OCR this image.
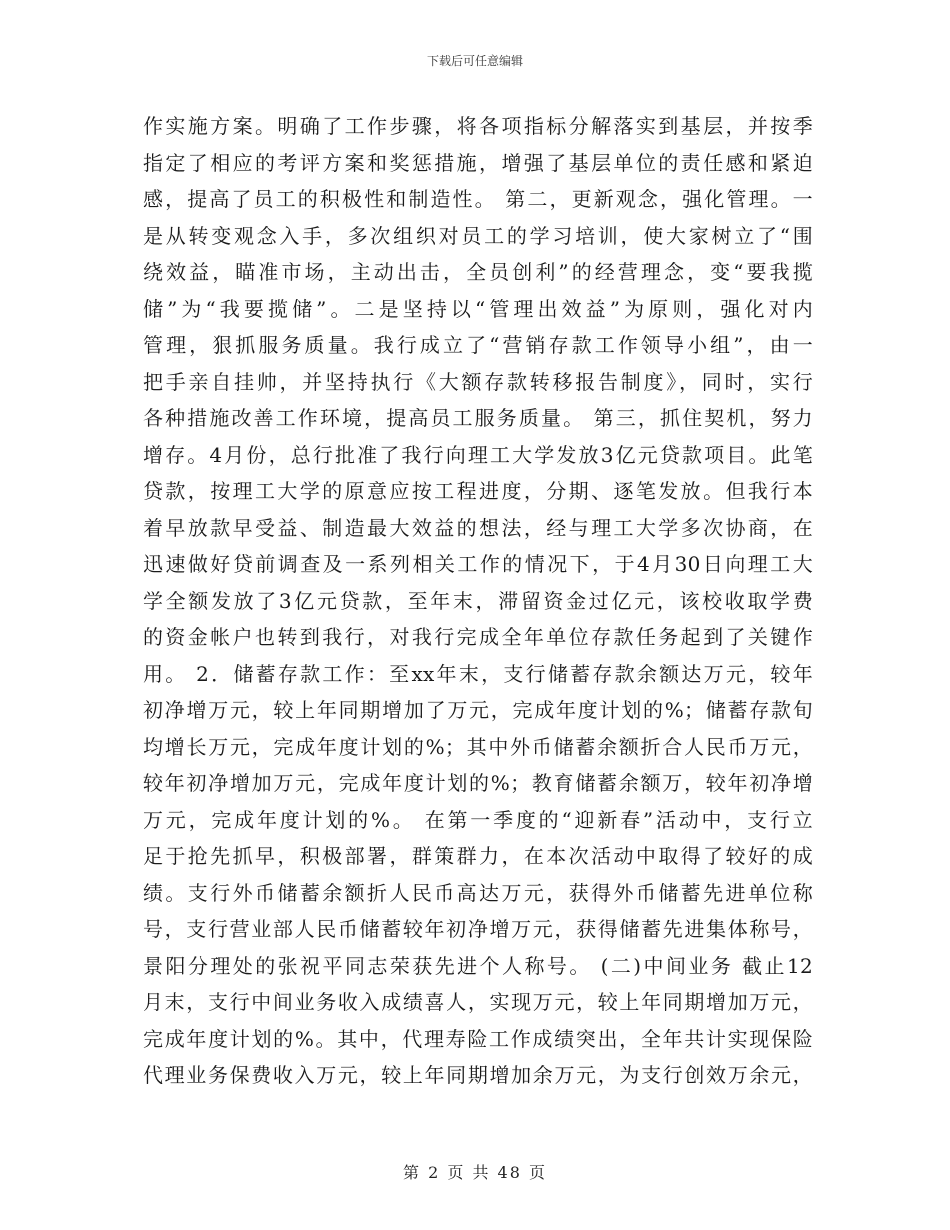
下载后可任意编辑
作实施方案。明确了工作步骤，将各项指标分解落实到基层，并按季
指定了相应的考评方案和奖惩措施，增强了基层单位的责任感和紧迫
感，提高了员工的积极性和制造性。 第二，更新观念，强化管理。一
是从转变观念入手，多次组织对员工的学习培训，使大家树立了“围
绕效益，瞄准市场，主动出击，全员创利”的经营理念，变“要我揽
储”为“我要揽储”。二是坚持以“管理出效益”为原则，强化对内
管理，狠抓服务质量。我行成立了“营销存款工作领导小组”，由一
把手亲自挂帅，并坚持执行《大额存款转移报告制度》，同时，实行
各种措施改善工作环境，提高员工服务质量。 第三，抓住契机，努力
增存。4月份，总行批准了我行向理工大学发放3亿元贷款项目。此笔
贷款，按理工大学的原意应按工程进度，分期、逐笔发放。但我行本
着早放款早受益、制造最大效益的想法，经与理工大学多次协商，在
迅速做好贷前调查及一系列相关工作的情况下，于4月30日向理工大
学全额发放了3亿元贷款，至年末，滞留资金过亿元，该校收取学费
的资金帐户也转到我行，对我行完成全年单位存款任务起到了关键作
用。 2．储蓄存款工作：至xx年末，支行储蓄存款余额达万元，较年
初净增万元，较上年同期增加了万元，完成年度计划的%；储蓄存款旬
均增长万元，完成年度计划的%；其中外币储蓄余额折合人民币万元，
较年初净增加万元，完成年度计划的%；教育储蓄余额万，较年初净增
万元，完成年度计划的%。 在第一季度的“迎新春”活动中，支行立
足于抢先抓早，积极部署，群策群力，在本次活动中取得了较好的成
绩。支行外币储蓄余额折人民币高达万元，获得外币储蓄先进单位称
号，支行营业部人民币储蓄较年初净增万元，获得储蓄先进集体称号，
景阳分理处的张祝平同志荣获先进个人称号。 (二)中间业务 截止12
月末，支行中间业务收入成绩喜人，实现万元，较上年同期增加万元，
完成年度计划的%。其中，代理寿险工作成绩突出，全年共计实现保险
代理业务保费收入万元，较上年同期增加余万元，为支行创效万余元，
第 2 页 共 48 页
